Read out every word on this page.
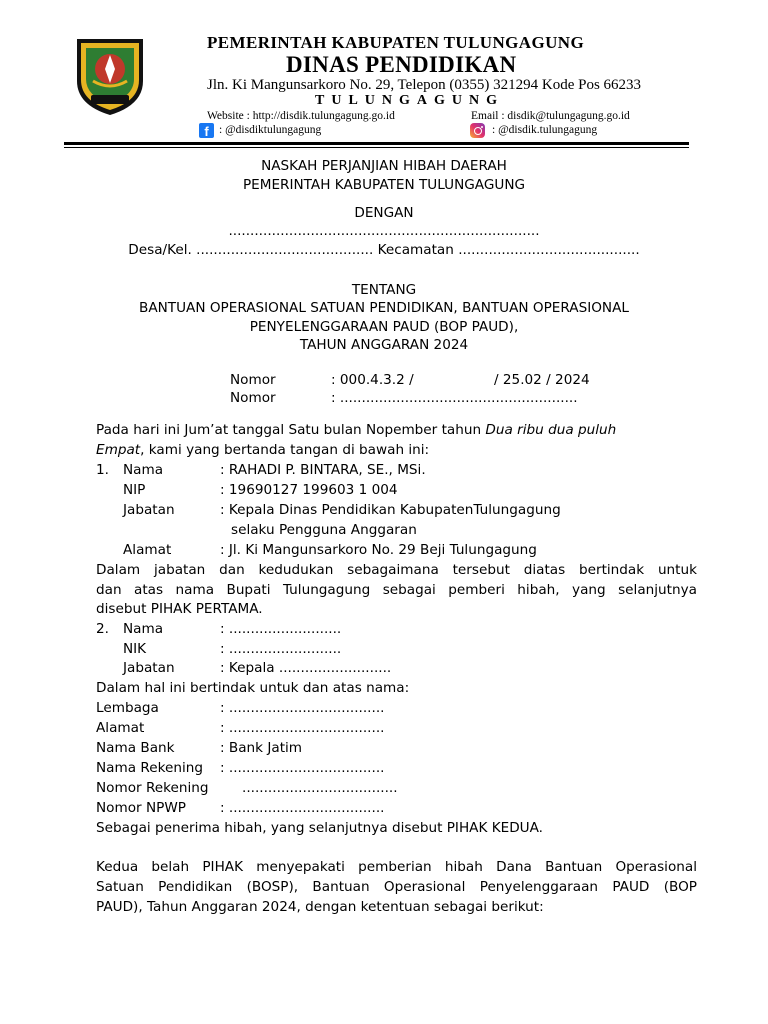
PEMERINTAH KABUPATEN TULUNGAGUNG
DINAS PENDIDIKAN
Jln. Ki Mangunsarkoro No. 29, Telepon (0355) 321294 Kode Pos 66233
TULUNGAGUNG
Website : http://disdik.tulungagung.go.id	Email : disdik@tulungagung.go.id
f : @disdiktulungagung	: @disdik.tulungagung
NASKAH PERJANJIAN HIBAH DAERAH
PEMERINTAH KABUPATEN TULUNGAGUNG
DENGAN
........................................................................
Desa/Kel. ......................................... Kecamatan ..........................................
TENTANG
BANTUAN OPERASIONAL SATUAN PENDIDIKAN, BANTUAN OPERASIONAL
PENYELENGGARAAN PAUD (BOP PAUD),
TAHUN ANGGARAN 2024
Nomor	: 000.4.3.2 /	/ 25.02 / 2024
Nomor	: .......................................................
Pada hari ini Jum’at tanggal Satu bulan Nopember tahun Dua ribu dua puluh
Empat, kami yang bertanda tangan di bawah ini:
1. Nama	: RAHADI P. BINTARA, SE., MSi.
NIP	: 19690127 199603 1 004
Jabatan	: Kepala Dinas Pendidikan KabupatenTulungagung
selaku Pengguna Anggaran
Alamat	: Jl. Ki Mangunsarkoro No. 29 Beji Tulungagung
Dalam jabatan dan kedudukan sebagaimana tersebut diatas bertindak untuk
dan atas nama Bupati Tulungagung sebagai pemberi hibah, yang selanjutnya
disebut PIHAK PERTAMA.
2. Nama	: ..........................
NIK	: ..........................
Jabatan	: Kepala ..........................
Dalam hal ini bertindak untuk dan atas nama:
Lembaga	: ....................................
Alamat	: ....................................
Nama Bank	: Bank Jatim
Nama Rekening : ....................................
Nomor Rekening ....................................
Nomor NPWP	: ....................................
Sebagai penerima hibah, yang selanjutnya disebut PIHAK KEDUA.
Kedua belah PIHAK menyepakati pemberian hibah Dana Bantuan Operasional
Satuan Pendidikan (BOSP), Bantuan Operasional Penyelenggaraan PAUD (BOP
PAUD), Tahun Anggaran 2024, dengan ketentuan sebagai berikut:
